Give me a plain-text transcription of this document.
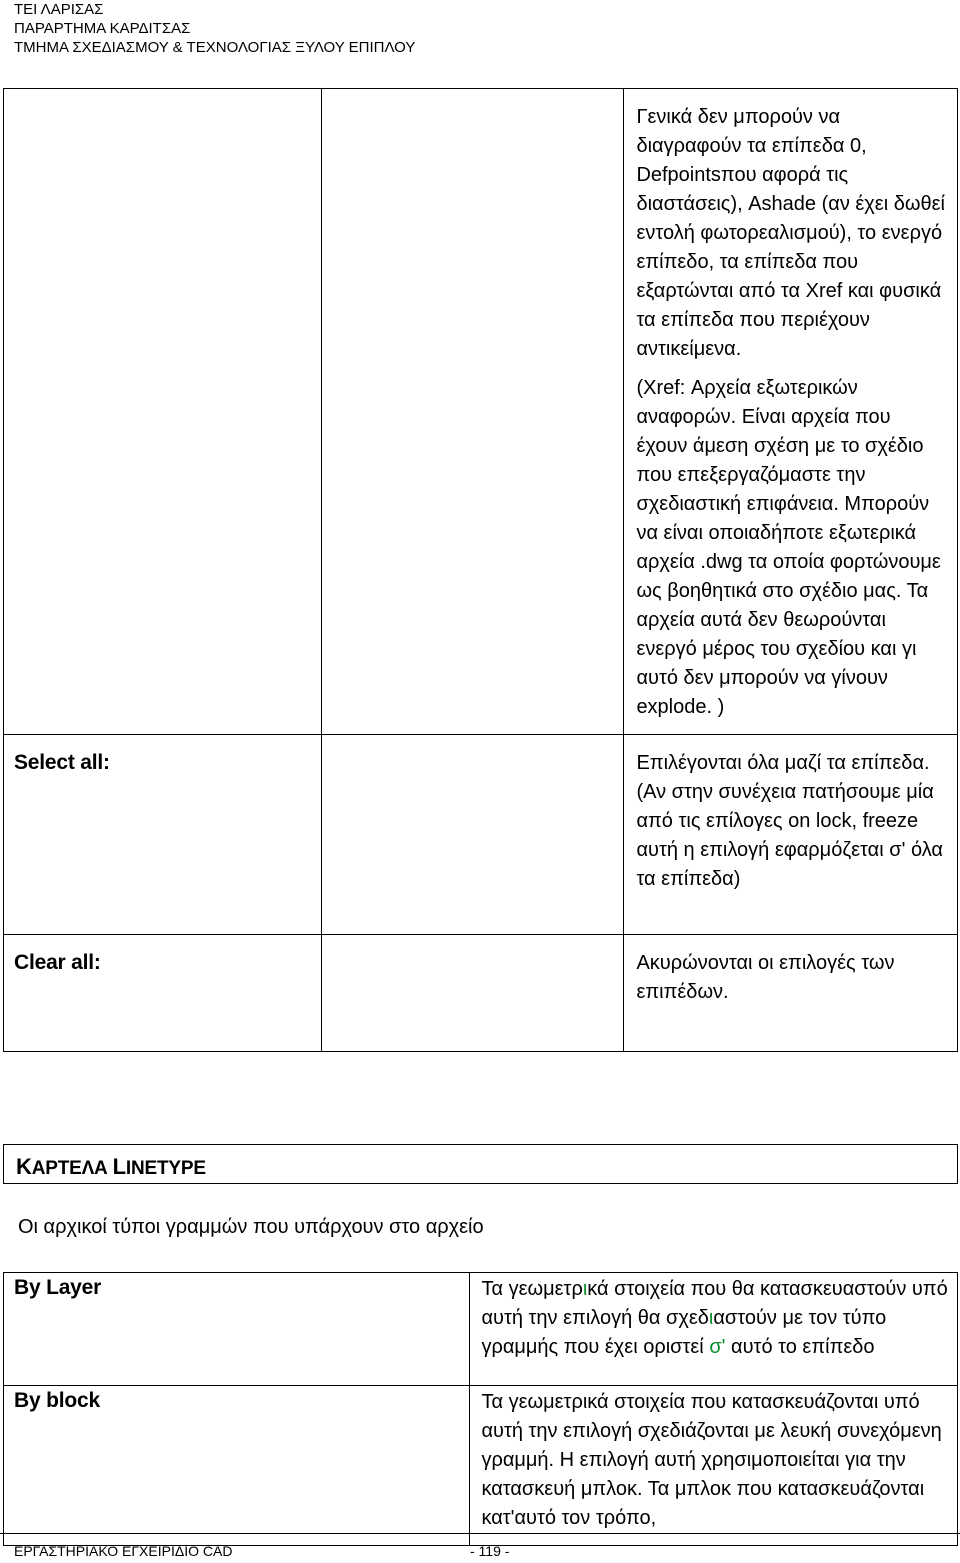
ΤΕΙ ΛΑΡΙΣΑΣ
ΠΑΡΑΡΤΗΜΑ ΚΑΡΔΙΤΣΑΣ
ΤΜΗΜΑ ΣΧΕΔΙΑΣΜΟΥ & ΤΕΧΝΟΛΟΓΙΑΣ ΞΥΛΟΥ ΕΠΙΠΛΟΥ

		Γενικά δεν μπορούν να διαγραφούν τα επίπεδα 0, Defpointsπου αφορά τις διαστάσεις), Ashade (αν έχει δωθεί εντολή φωτορεαλισμού), το ενεργό επίπεδο, τα επίπεδα που εξαρτώνται από τα Xref και φυσικά τα επίπεδα που περιέχουν αντικείμενα.

(Xref: Αρχεία εξωτερικών αναφορών. Είναι αρχεία που έχουν άμεση σχέση με το σχέδιο που επεξεργαζόμαστε την σχεδιαστική επιφάνεια. Μπορούν να είναι οποιαδήποτε εξωτερικά αρχεία .dwg τα οποία φορτώνουμε ως βοηθητικά στο σχέδιο μας. Τα αρχεία αυτά δεν θεωρούνται ενεργό μέρος του σχεδίου και γι αυτό δεν μπορούν να γίνουν explode. )

Select all:		Επιλέγονται όλα μαζί τα επίπεδα. (Αν στην συνέχεια πατήσουμε μία από τις επίλογες on lock, freeze αυτή η επιλογή εφαρμόζεται σ' όλα τα επίπεδα)

Clear all:		Ακυρώνονται οι επιλογές των επιπέδων.
KΑΡΤΕΛΑ LINETYPE
Οι αρχικοί τύποι γραμμών που υπάρχουν στο αρχείο
By Layer	Τα γεωμετρικά στοιχεία που θα κατασκευαστούν υπό αυτή την επιλογή θα σχεδιαστούν με τον τύπο γραμμής που έχει οριστεί σ' αυτό το επίπεδο

By block	Τα γεωμετρικά στοιχεία που κατασκευάζονται υπό αυτή την επιλογή σχεδιάζονται με λευκή συνεχόμενη γραμμή. Η επιλογή αυτή χρησιμοποιείται για την κατασκευή μπλοκ. Τα μπλοκ που κατασκευάζονται κατ'αυτό τον τρόπο,
ΕΡΓΑΣΤΗΡΙΑΚΟ ΕΓΧΕΙΡΙΔΙΟ CAD	- 119 -
